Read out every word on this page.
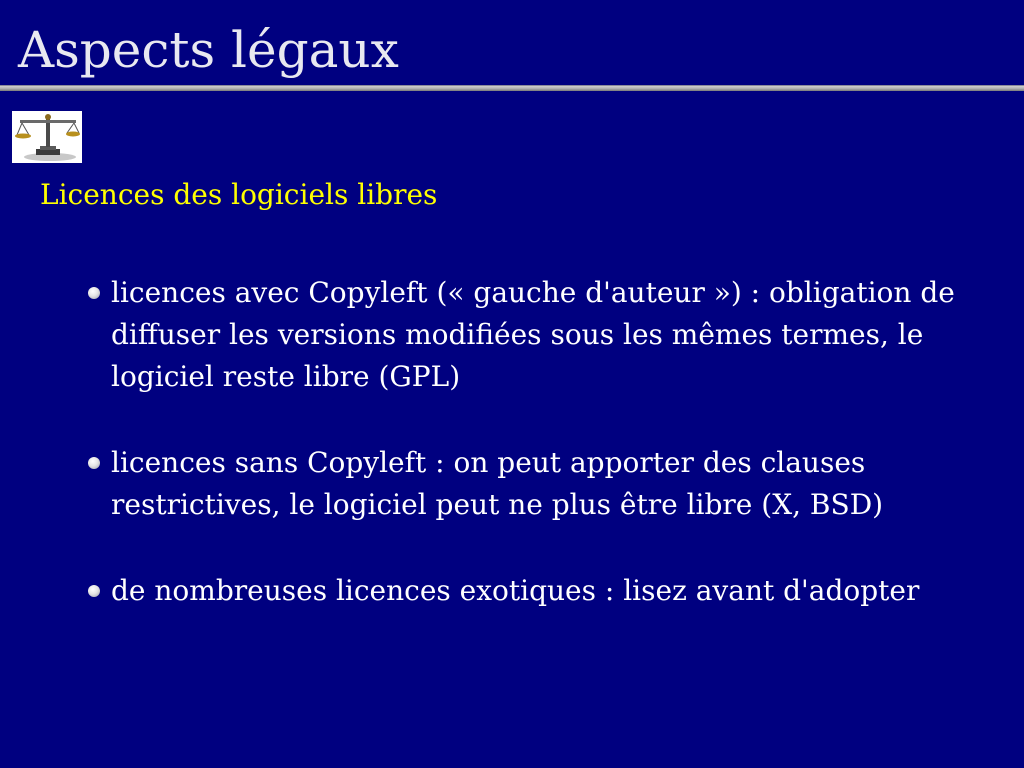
Aspects légaux
Licences des logiciels libres
licences avec Copyleft (« gauche d'auteur ») : obligation de diffuser les versions modifiées sous les mêmes termes, le logiciel reste libre (GPL)
licences sans Copyleft : on peut apporter des clauses restrictives, le logiciel peut ne plus être libre (X, BSD)
de nombreuses licences exotiques : lisez avant d'adopter
